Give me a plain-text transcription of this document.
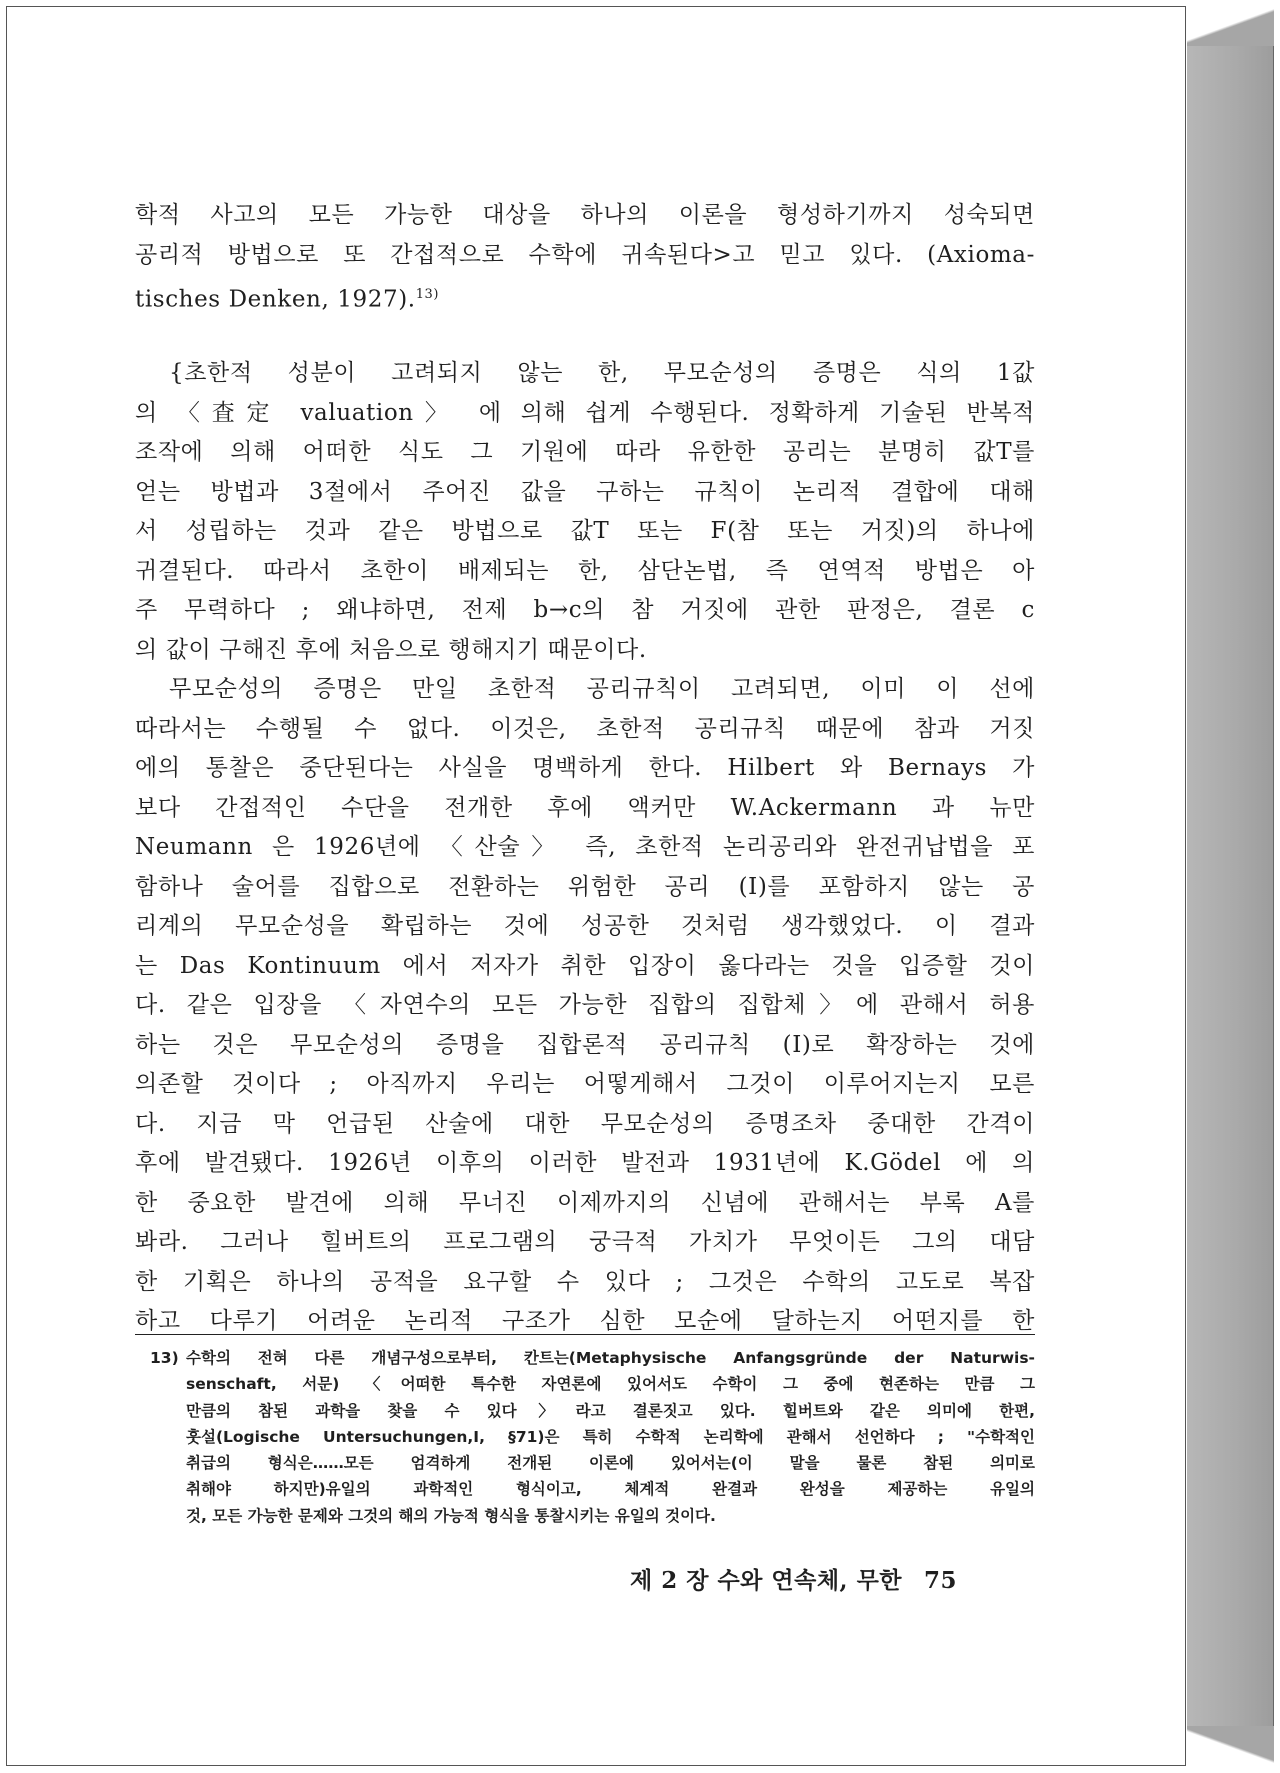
학적 사고의 모든 가능한 대상을 하나의 이론을 형성하기까지 성숙되면
공리적 방법으로 또 간접적으로 수학에 귀속된다>고 믿고 있다. (Axioma-
tisches Denken, 1927).$^{13)}$
{초한적 성분이 고려되지 않는 한, 무모순성의 증명은 식의 1값
의 〈査定 valuation〉 에 의해 쉽게 수행된다. 정확하게 기술된 반복적
조작에 의해 어떠한 식도 그 기원에 따라 유한한 공리는 분명히 값T를
얻는 방법과 3절에서 주어진 값을 구하는 규칙이 논리적 결합에 대해
서 성립하는 것과 같은 방법으로 값T 또는 F(참 또는 거짓)의 하나에
귀결된다. 따라서 초한이 배제되는 한, 삼단논법, 즉 연역적 방법은 아
주 무력하다 ; 왜냐하면, 전제 b→c의 참 거짓에 관한 판정은, 결론 c
의 값이 구해진 후에 처음으로 행해지기 때문이다.
무모순성의 증명은 만일 초한적 공리규칙이 고려되면, 이미 이 선에
따라서는 수행될 수 없다. 이것은, 초한적 공리규칙 때문에 참과 거짓
에의 통찰은 중단된다는 사실을 명백하게 한다. Hilbert 와 Bernays 가
보다 간접적인 수단을 전개한 후에 액커만 W.Ackermann 과 뉴만
Neumann 은 1926년에 〈산술〉 즉, 초한적 논리공리와 완전귀납법을 포
함하나 술어를 집합으로 전환하는 위험한 공리 (I)를 포함하지 않는 공
리계의 무모순성을 확립하는 것에 성공한 것처럼 생각했었다. 이 결과
는 Das Kontinuum 에서 저자가 취한 입장이 옳다라는 것을 입증할 것이
다. 같은 입장을 〈자연수의 모든 가능한 집합의 집합체〉에 관해서 허용
하는 것은 무모순성의 증명을 집합론적 공리규칙 (I)로 확장하는 것에
의존할 것이다 ; 아직까지 우리는 어떻게해서 그것이 이루어지는지 모른
다. 지금 막 언급된 산술에 대한 무모순성의 증명조차 중대한 간격이
후에 발견됐다. 1926년 이후의 이러한 발전과 1931년에 K.Gödel 에 의
한 중요한 발견에 의해 무너진 이제까지의 신념에 관해서는 부록 A를
봐라. 그러나 힐버트의 프로그램의 궁극적 가치가 무엇이든 그의 대담
한 기획은 하나의 공적을 요구할 수 있다 ; 그것은 수학의 고도로 복잡
하고 다루기 어려운 논리적 구조가 심한 모순에 달하는지 어떤지를 한
13) 수학의 전혀 다른 개념구성으로부터, 칸트는(Metaphysische Anfangsgründe der Naturwis-
senschaft, 서문) 〈어떠한 특수한 자연론에 있어서도 수학이 그 중에 현존하는 만큼 그
만큼의 참된 과학을 찾을 수 있다〉라고 결론짓고 있다. 힐버트와 같은 의미에 한편,
훗설(Logische Untersuchungen,I, §71)은 특히 수학적 논리학에 관해서 선언하다 ; "수학적인
취급의 형식은……모든 엄격하게 전개된 이론에 있어서는(이 말을 물론 참된 의미로
취해야 하지만)유일의 과학적인 형식이고, 체계적 완결과 완성을 제공하는 유일의
것, 모든 가능한 문제와 그것의 해의 가능적 형식을 통찰시키는 유일의 것이다.
제 2 장 수와 연속체, 무한 75
